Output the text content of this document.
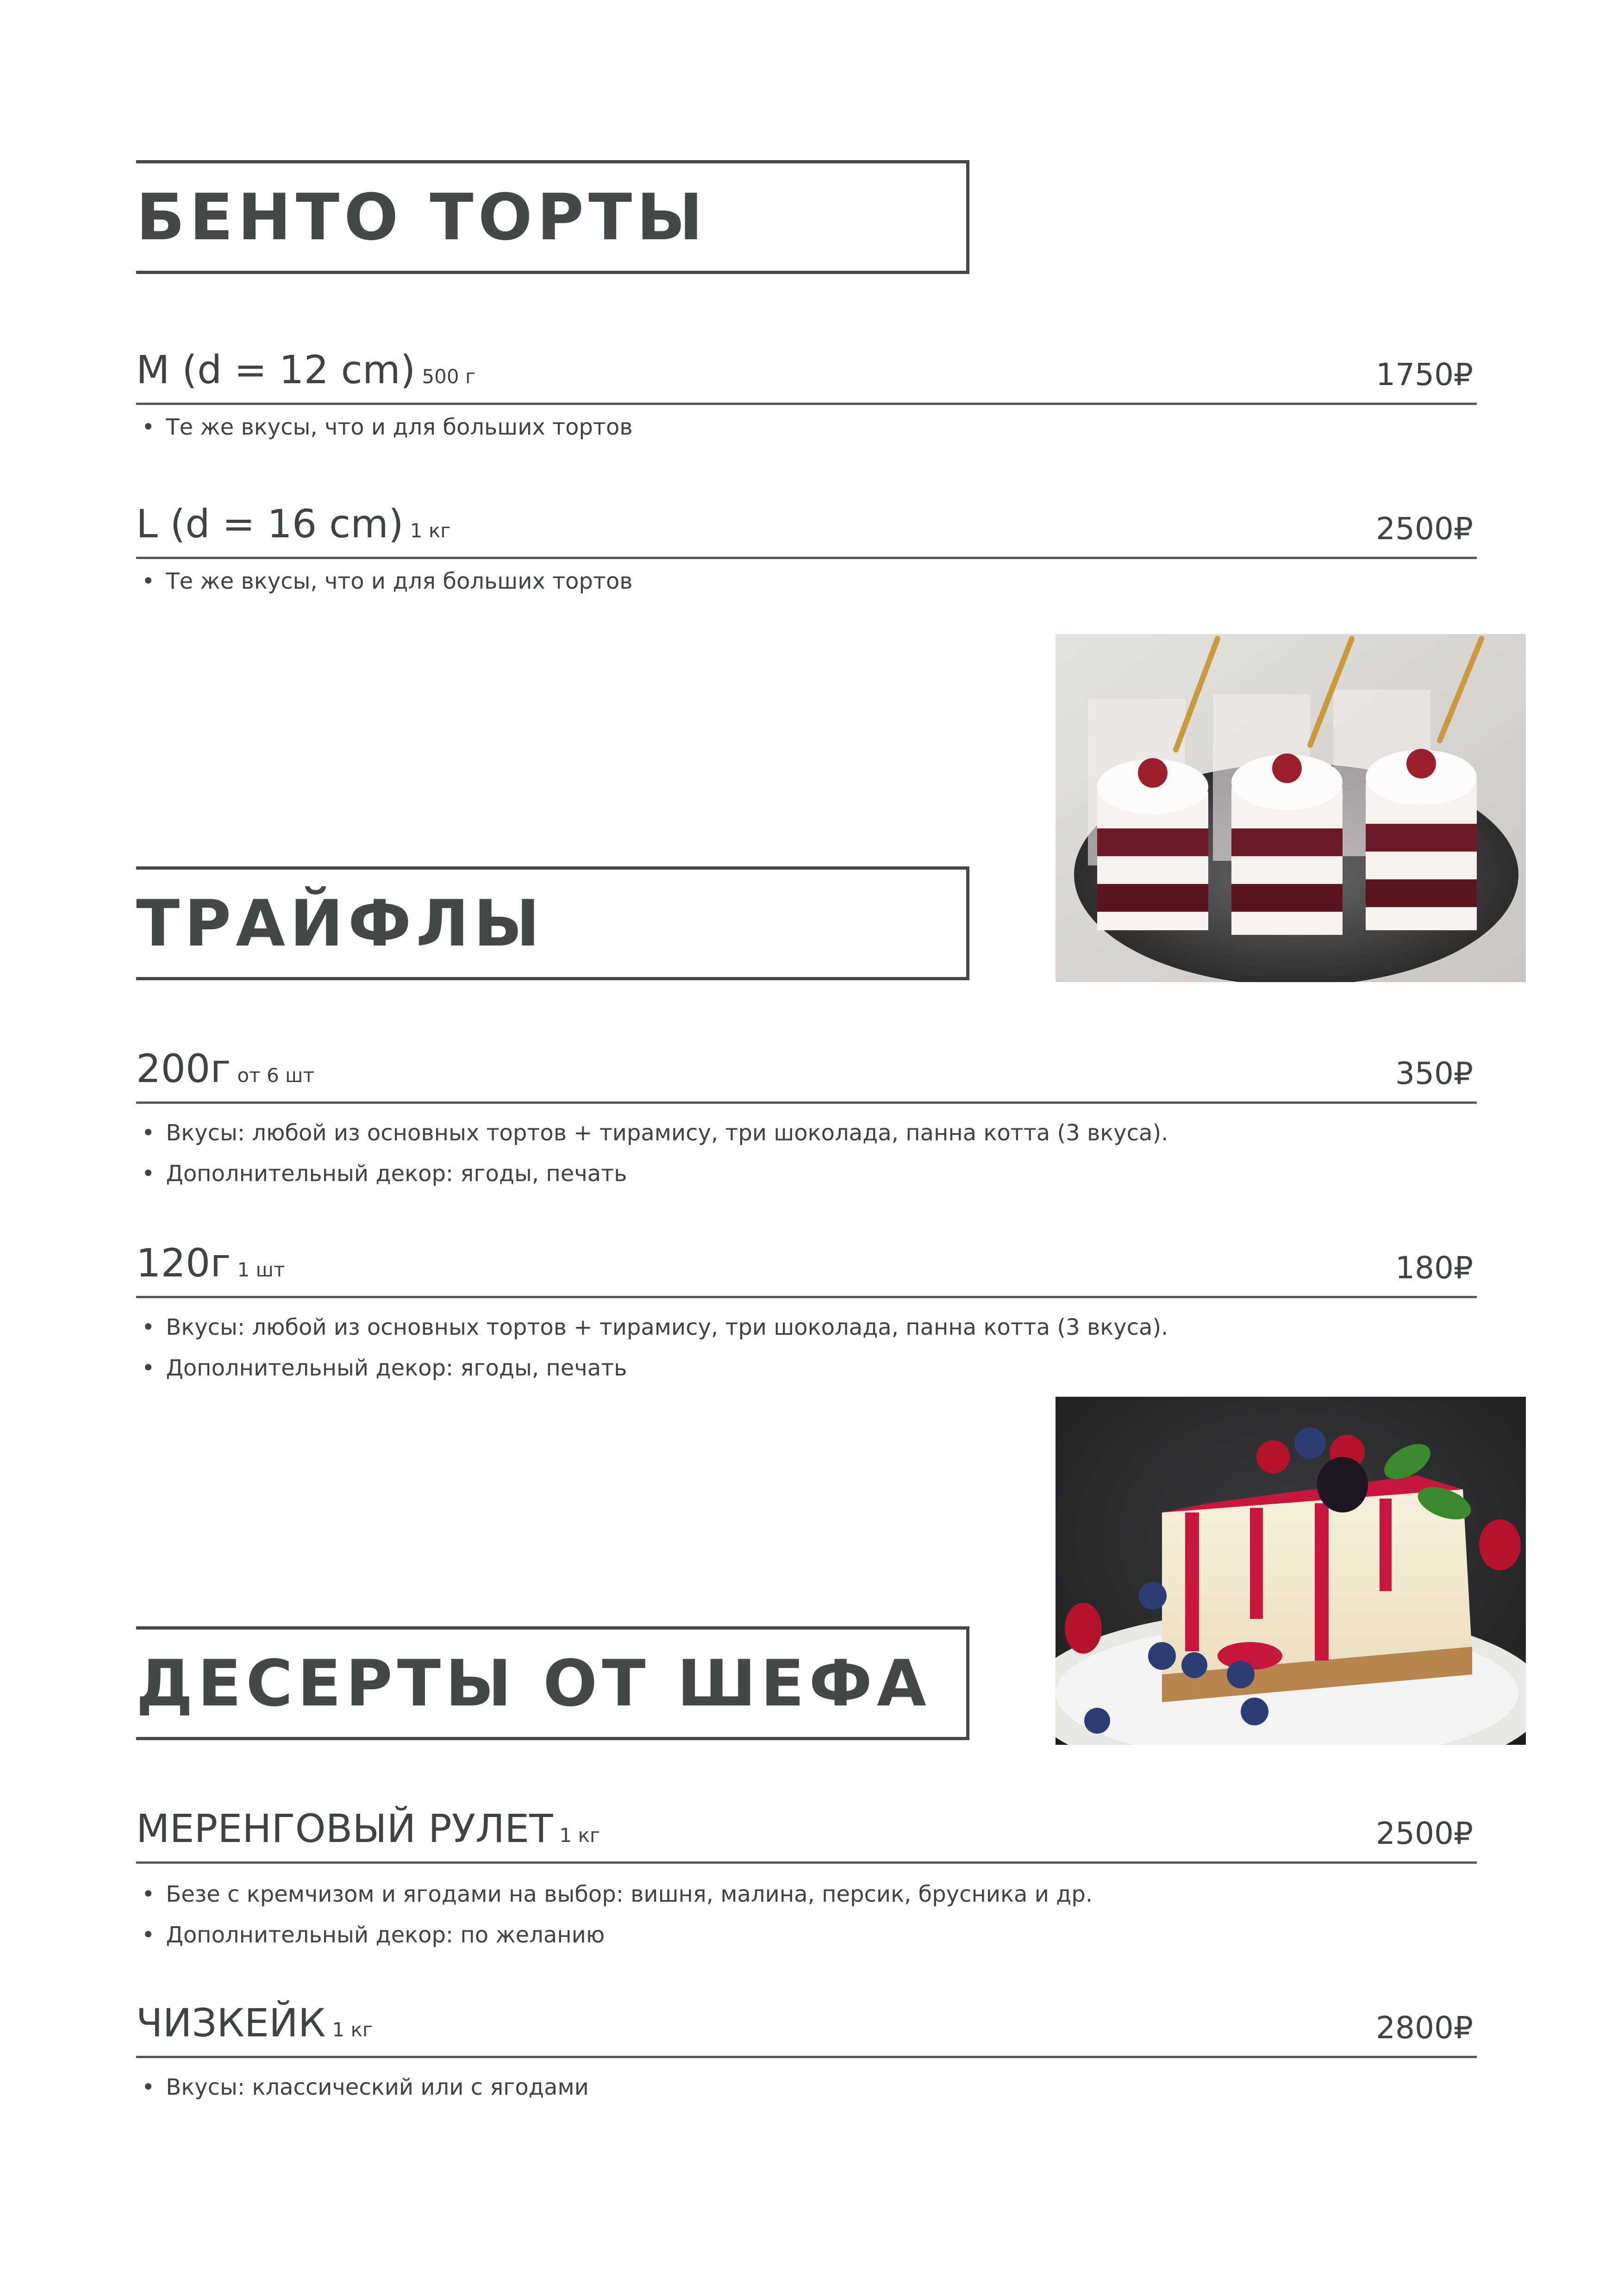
БЕНТО ТОРТЫ
M (d = 12 cm) 500 г	1750₽
• Те же вкусы, что и для больших тортов
L (d = 16 cm) 1 кг	2500₽
• Те же вкусы, что и для больших тортов
ТРАЙФЛЫ
200г от 6 шт	350₽
• Вкусы: любой из основных тортов + тирамису, три шоколада, панна котта (3 вкуса).
• Дополнительный декор: ягоды, печать
120г 1 шт	180₽
• Вкусы: любой из основных тортов + тирамису, три шоколада, панна котта (3 вкуса).
• Дополнительный декор: ягоды, печать
ДЕСЕРТЫ ОТ ШЕФА
МЕРЕНГОВЫЙ РУЛЕТ 1 кг	2500₽
• Безе с кремчизом и ягодами на выбор: вишня, малина, персик, брусника и др.
• Дополнительный декор: по желанию
ЧИЗКЕЙК 1 кг	2800₽
• Вкусы: классический или с ягодами
